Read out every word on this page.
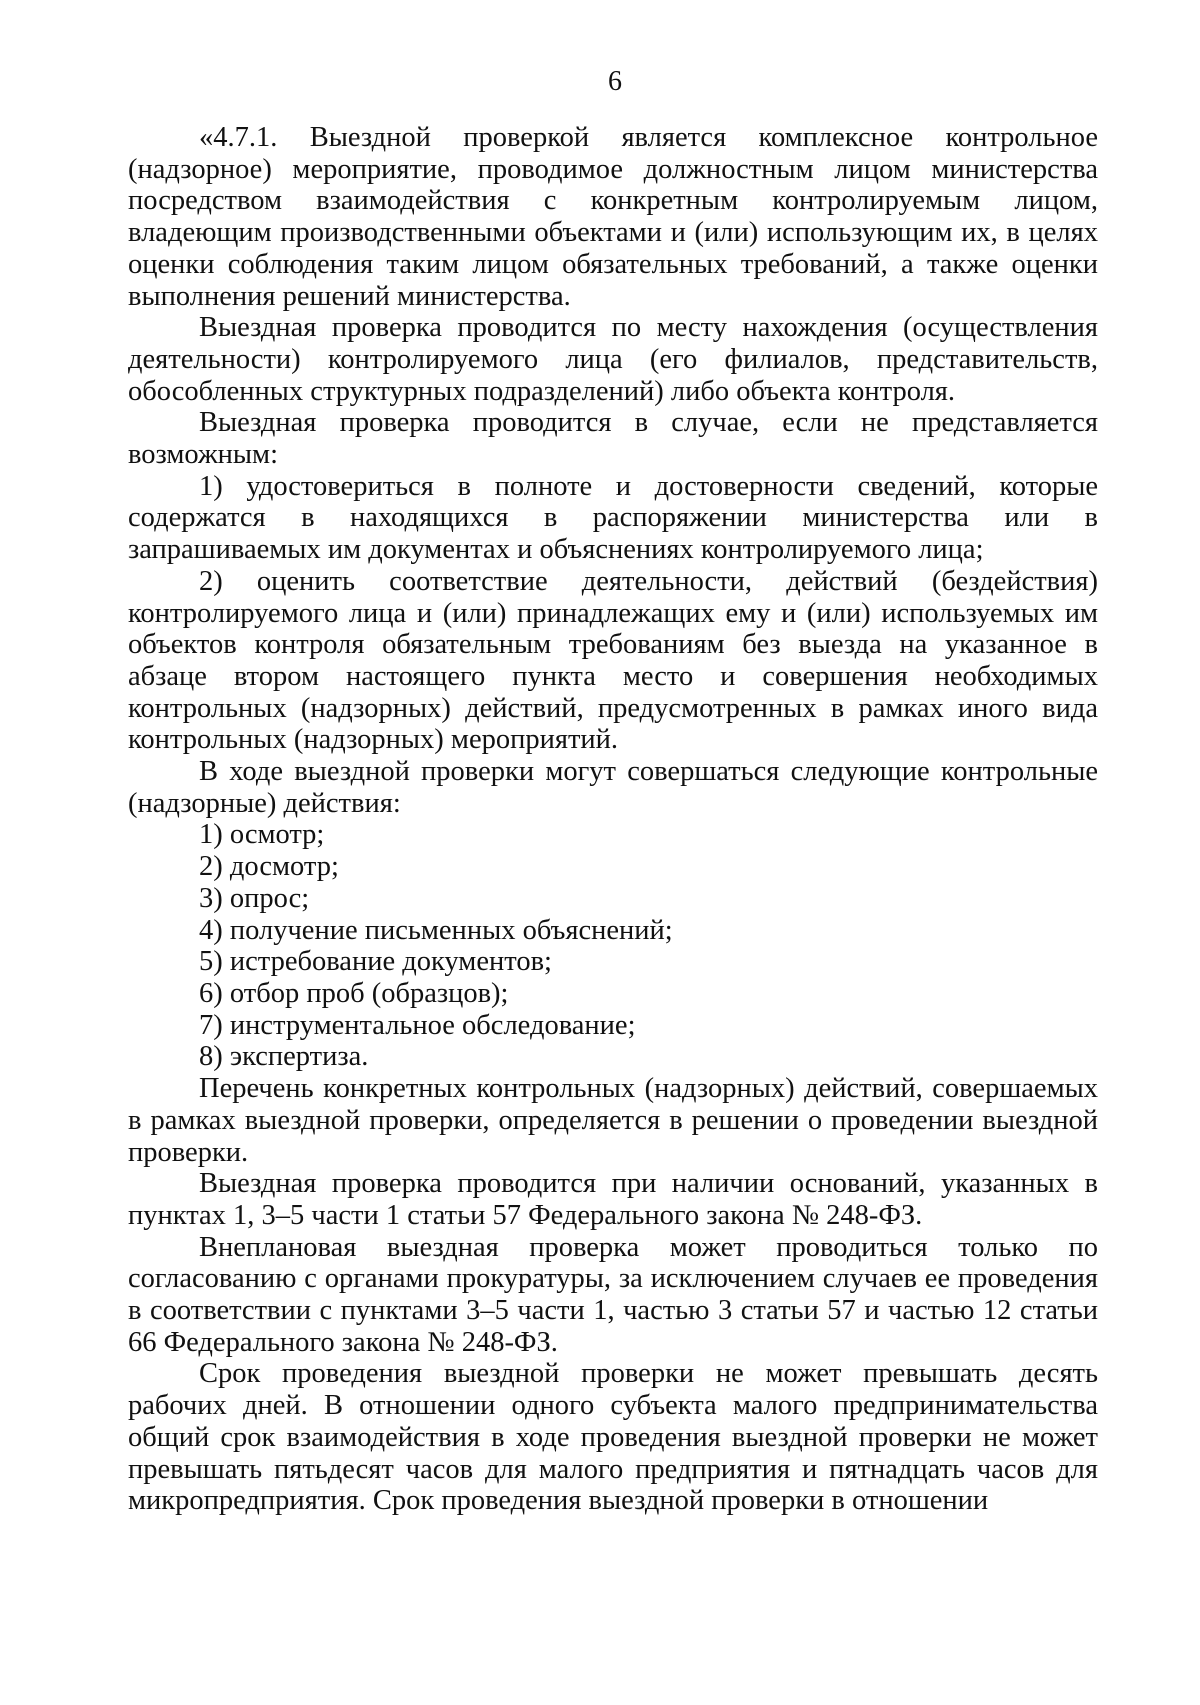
6

«4.7.1. Выездной проверкой является комплексное контрольное (надзорное) мероприятие, проводимое должностным лицом министерства посредством взаимодействия с конкретным контролируемым лицом, владеющим производственными объектами и (или) использующим их, в целях оценки соблюдения таким лицом обязательных требований, а также оценки выполнения решений министерства.

Выездная проверка проводится по месту нахождения (осуществления деятельности) контролируемого лица (его филиалов, представительств, обособленных структурных подразделений) либо объекта контроля.

Выездная проверка проводится в случае, если не представляется возможным:

1) удостовериться в полноте и достоверности сведений, которые содержатся в находящихся в распоряжении министерства или в запрашиваемых им документах и объяснениях контролируемого лица;

2) оценить соответствие деятельности, действий (бездействия) контролируемого лица и (или) принадлежащих ему и (или) используемых им объектов контроля обязательным требованиям без выезда на указанное в абзаце втором настоящего пункта место и совершения необходимых контрольных (надзорных) действий, предусмотренных в рамках иного вида контрольных (надзорных) мероприятий.

В ходе выездной проверки могут совершаться следующие контрольные (надзорные) действия:

1) осмотр;

2) досмотр;

3) опрос;

4) получение письменных объяснений;

5) истребование документов;

6) отбор проб (образцов);

7) инструментальное обследование;

8) экспертиза.

Перечень конкретных контрольных (надзорных) действий, совершаемых в рамках выездной проверки, определяется в решении о проведении выездной проверки.

Выездная проверка проводится при наличии оснований, указанных в пунктах 1, 3–5 части 1 статьи 57 Федерального закона № 248-ФЗ.

Внеплановая выездная проверка может проводиться только по согласованию с органами прокуратуры, за исключением случаев ее проведения в соответствии с пунктами 3–5 части 1, частью 3 статьи 57 и частью 12 статьи 66 Федерального закона № 248-ФЗ.

Срок проведения выездной проверки не может превышать десять рабочих дней. В отношении одного субъекта малого предпринимательства общий срок взаимодействия в ходе проведения выездной проверки не может превышать пятьдесят часов для малого предприятия и пятнадцать часов для микропредприятия. Срок проведения выездной проверки в отношении
